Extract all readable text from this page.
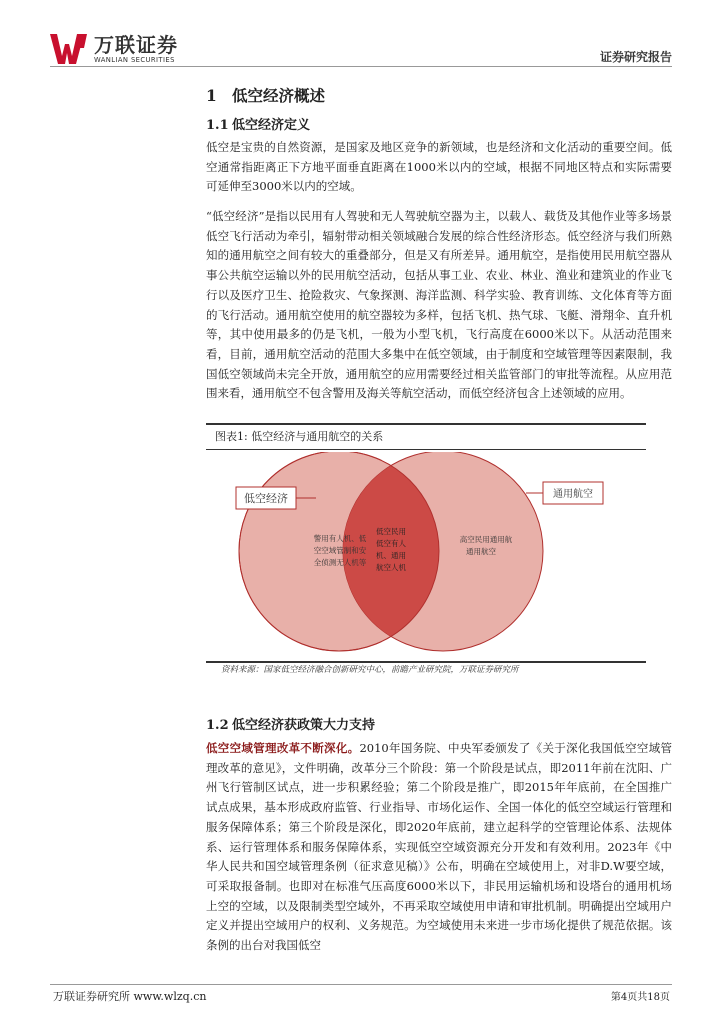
万联证券
WANLIAN SECURITIES	证券研究报告
1 低空经济概述
1.1 低空经济定义

低空是宝贵的自然资源，是国家及地区竞争的新领域，也是经济和文化活动的重要空间。低空通常指距离正下方地平面垂直距离在1000米以内的空域，根据不同地区特点和实际需要可延伸至3000米以内的空域。

“低空经济”是指以民用有人驾驶和无人驾驶航空器为主，以载人、载货及其他作业等多场景低空飞行活动为牵引，辐射带动相关领域融合发展的综合性经济形态。低空经济与我们所熟知的通用航空之间有较大的重叠部分，但是又有所差异。通用航空，是指使用民用航空器从事公共航空运输以外的民用航空活动，包括从事工业、农业、林业、渔业和建筑业的作业飞行以及医疗卫生、抢险救灾、气象探测、海洋监测、科学实验、教育训练、文化体育等方面的飞行活动。通用航空使用的航空器较为多样，包括飞机、热气球、飞艇、滑翔伞、直升机等，其中使用最多的仍是飞机，一般为小型飞机，飞行高度在6000米以下。从活动范围来看，目前，通用航空活动的范围大多集中在低空领域，由于制度和空域管理等因素限制，我国低空领域尚未完全开放，通用航空的应用需要经过相关监管部门的审批等流程。从应用范围来看，通用航空不包含警用及海关等航空活动，而低空经济包含上述领域的应用。

图表1: 低空经济与通用航空的关系
低空经济	通用航空
警用有人机、低
空空域管制和安
全侦测无人机等
低空民用
低空有人
机、通用
航空人机
高空民用通用航
通用航空
资料来源：国家低空经济融合创新研究中心，前瞻产业研究院，万联证券研究所
1.2 低空经济获政策大力支持

低空空域管理改革不断深化。2010年国务院、中央军委颁发了《关于深化我国低空空域管理改革的意见》，文件明确，改革分三个阶段：第一个阶段是试点，即2011年前在沈阳、广州飞行管制区试点，进一步积累经验；第二个阶段是推广，即2015年年底前，在全国推广试点成果，基本形成政府监管、行业指导、市场化运作、全国一体化的低空空域运行管理和服务保障体系；第三个阶段是深化，即2020年底前，建立起科学的空管理论体系、法规体系、运行管理体系和服务保障体系，实现低空空域资源充分开发和有效利用。2023年《中华人民共和国空域管理条例（征求意见稿）》公布，明确在空域使用上，对非D.W要空域，可采取报备制。也即对在标准气压高度6000米以下，非民用运输机场和设塔台的通用机场上空的空域，以及限制类型空域外，不再采取空域使用申请和审批机制。明确提出空域用户定义并提出空域用户的权利、义务规范。为空域使用未来进一步市场化提供了规范依据。该条例的出台对我国低空

万联证券研究所 www.wlzq.cn	第4页共18页
